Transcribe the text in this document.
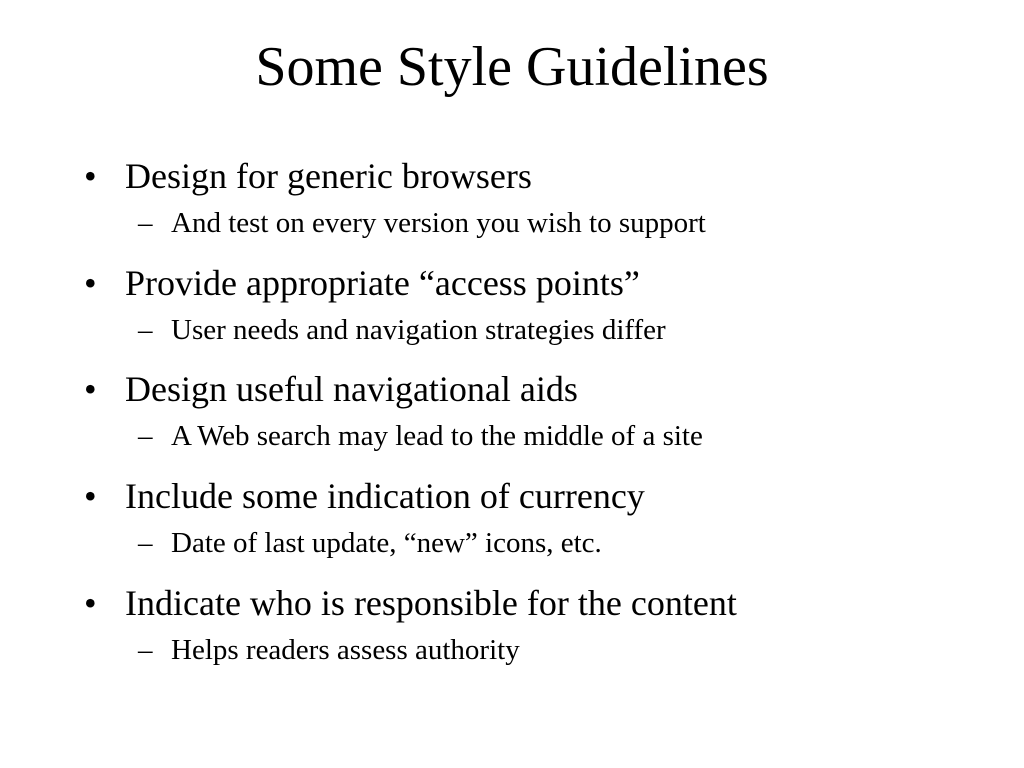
Some Style Guidelines
• Design for generic browsers
– And test on every version you wish to support
• Provide appropriate “access points”
– User needs and navigation strategies differ
• Design useful navigational aids
– A Web search may lead to the middle of a site
• Include some indication of currency
– Date of last update, “new” icons, etc.
• Indicate who is responsible for the content
– Helps readers assess authority
